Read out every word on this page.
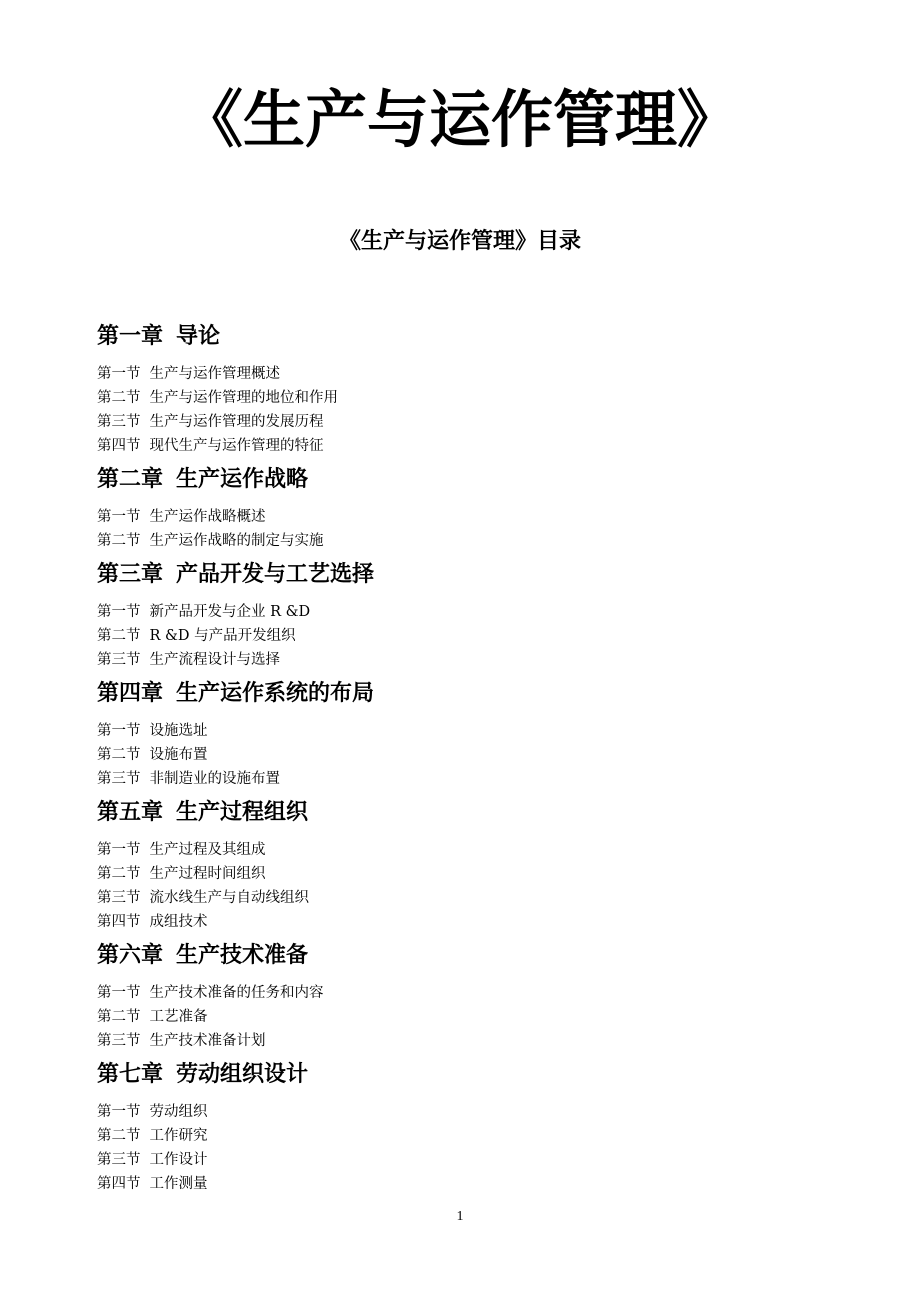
《生产与运作管理》
《生产与运作管理》目录
第一章 导论
第一节 生产与运作管理概述
第二节 生产与运作管理的地位和作用
第三节 生产与运作管理的发展历程
第四节 现代生产与运作管理的特征
第二章 生产运作战略
第一节 生产运作战略概述
第二节 生产运作战略的制定与实施
第三章 产品开发与工艺选择
第一节 新产品开发与企业 R &D
第二节 R &D 与产品开发组织
第三节 生产流程设计与选择
第四章 生产运作系统的布局
第一节 设施选址
第二节 设施布置
第三节 非制造业的设施布置
第五章 生产过程组织
第一节 生产过程及其组成
第二节 生产过程时间组织
第三节 流水线生产与自动线组织
第四节 成组技术
第六章 生产技术准备
第一节 生产技术准备的任务和内容
第二节 工艺准备
第三节 生产技术准备计划
第七章 劳动组织设计
第一节 劳动组织
第二节 工作研究
第三节 工作设计
第四节 工作测量
1
